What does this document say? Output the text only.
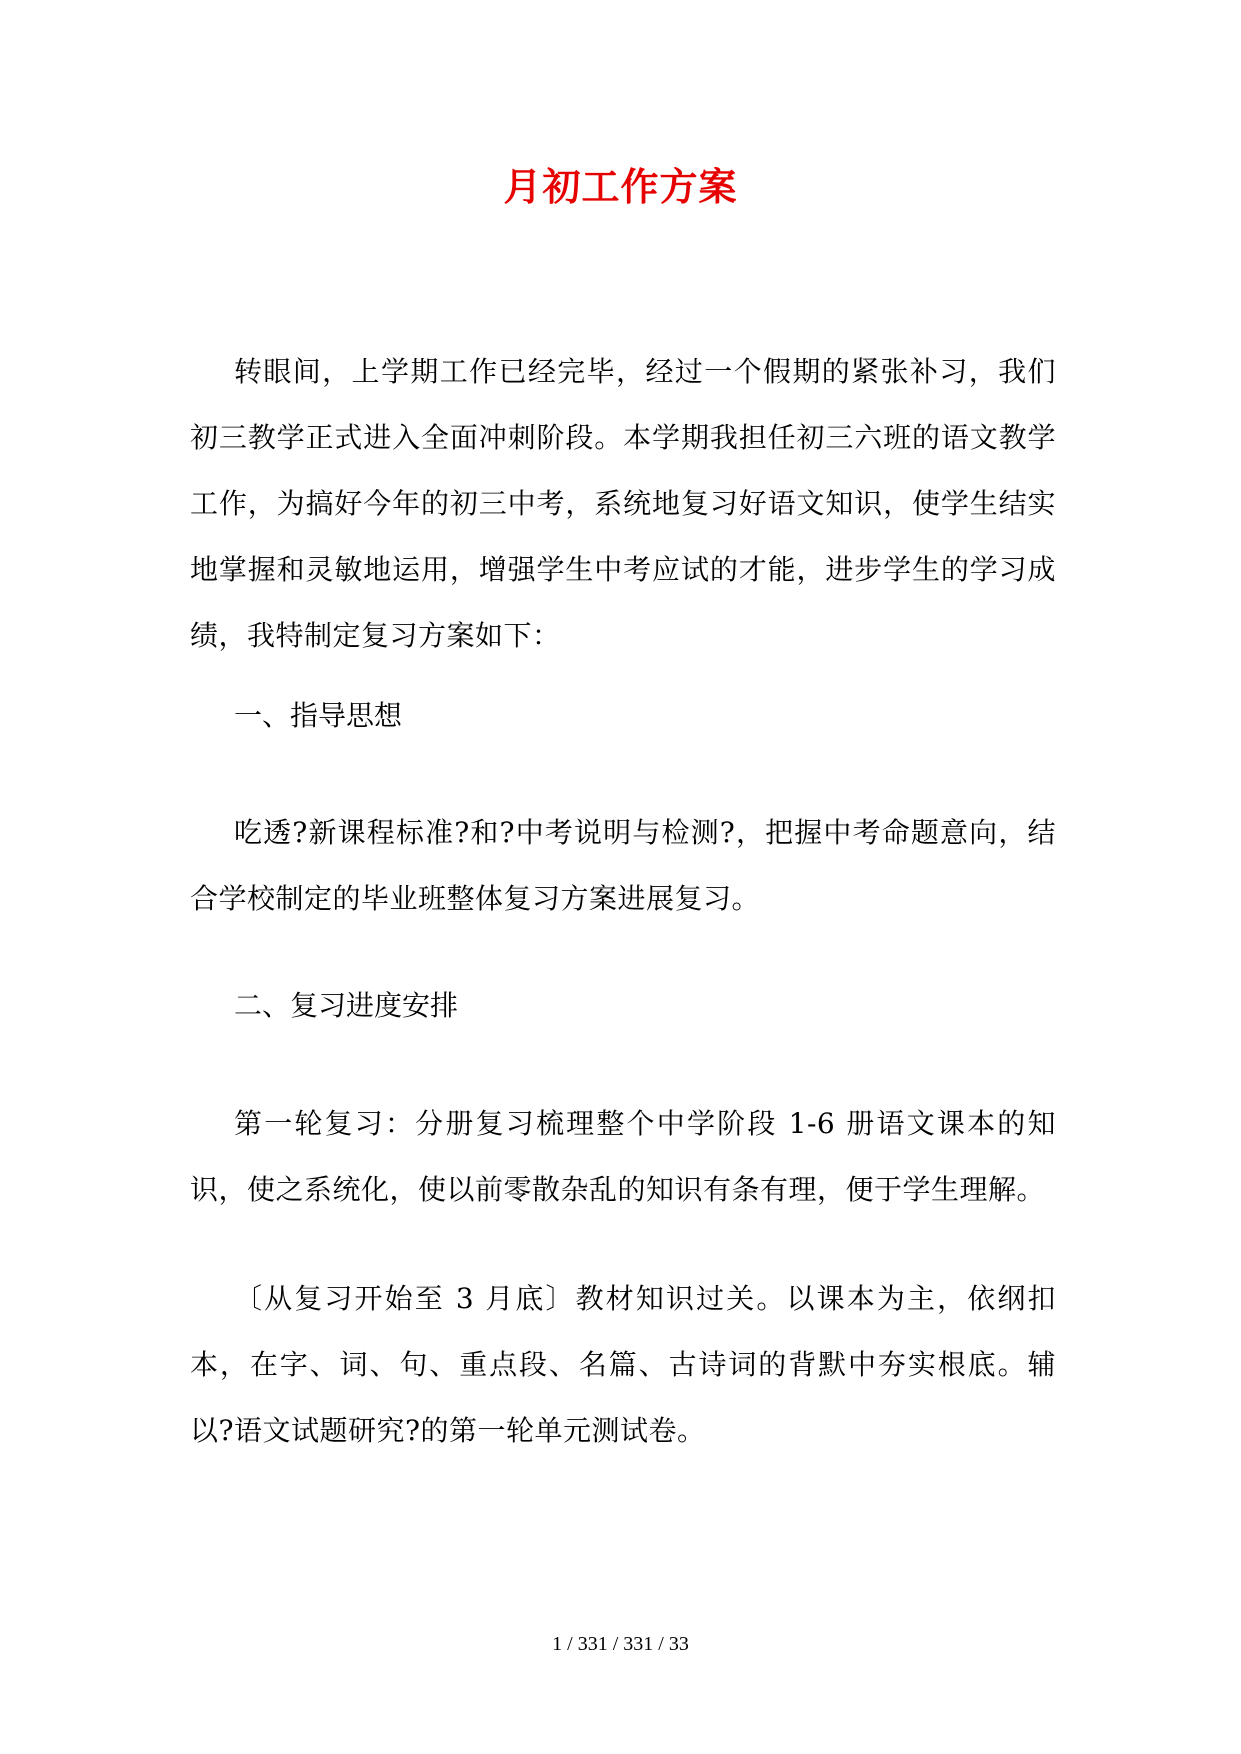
月初工作方案

转眼间，上学期工作已经完毕，经过一个假期的紧张补习，我们初三教学正式进入全面冲刺阶段。本学期我担任初三六班的语文教学工作，为搞好今年的初三中考，系统地复习好语文知识，使学生结实地掌握和灵敏地运用，增强学生中考应试的才能，进步学生的学习成绩，我特制定复习方案如下：

一、指导思想

吃透?新课程标准?和?中考说明与检测?，把握中考命题意向，结合学校制定的毕业班整体复习方案进展复习。

二、复习进度安排

第一轮复习：分册复习梳理整个中学阶段 1-6 册语文课本的知识，使之系统化，使以前零散杂乱的知识有条有理，便于学生理解。

〔从复习开始至 3 月底〕教材知识过关。以课本为主，依纲扣本，在字、词、句、重点段、名篇、古诗词的背默中夯实根底。辅以?语文试题研究?的第一轮单元测试卷。

1 / 331 / 331 / 33
